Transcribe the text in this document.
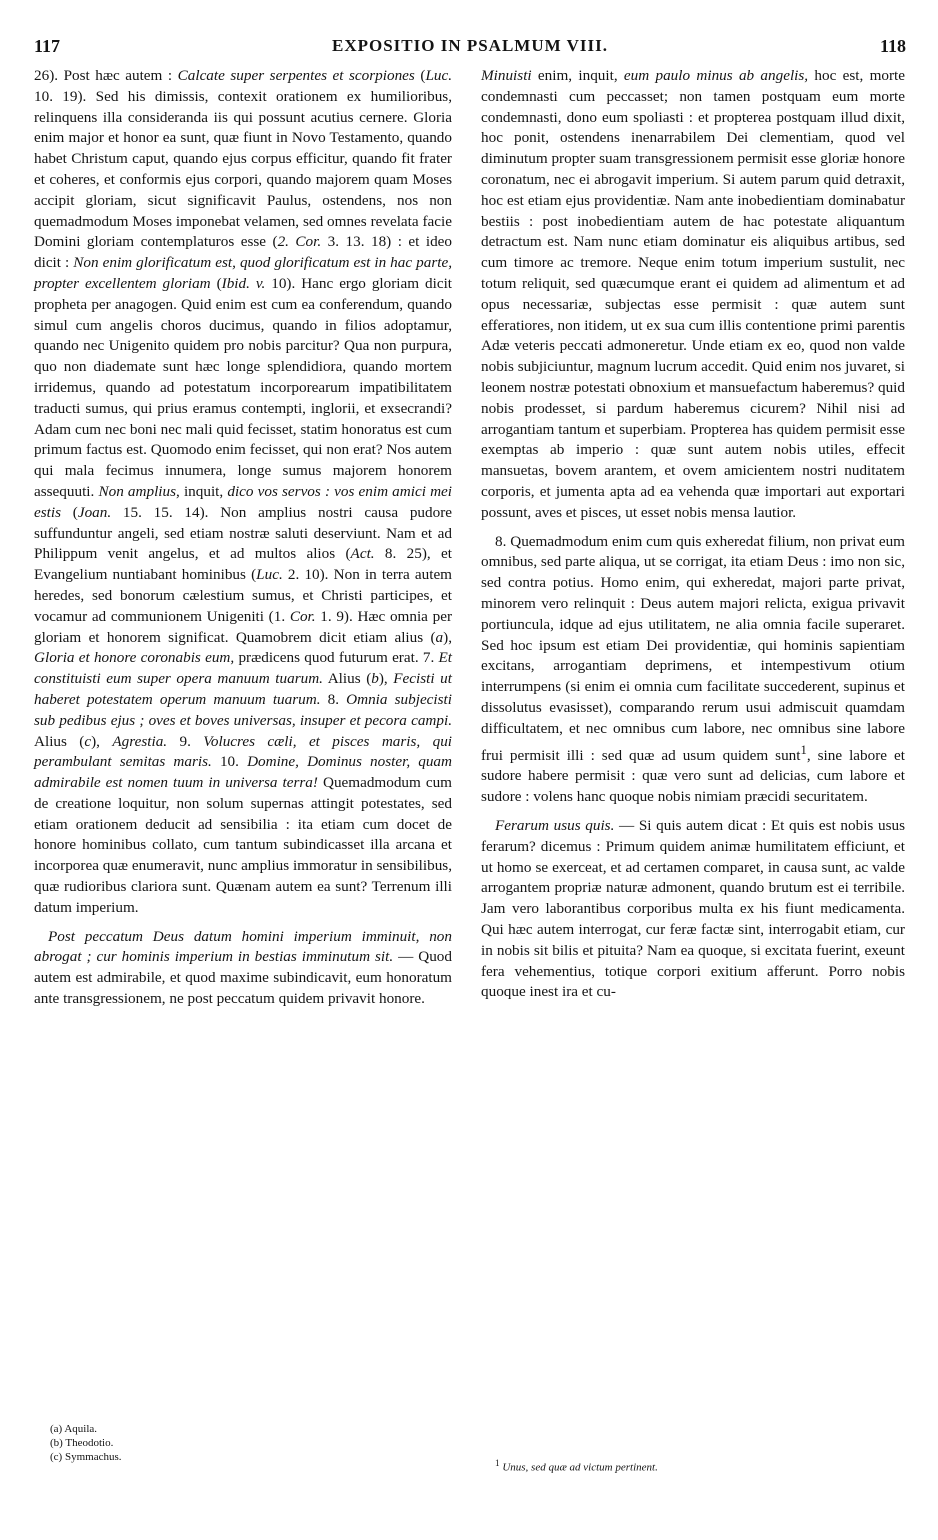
117	EXPOSITIO IN PSALMUM VIII.	118

26). Post hæc autem : Calcate super serpentes et scorpiones (Luc. 10. 19). Sed his dimissis, contexit orationem ex humilioribus, relinquens illa consideranda iis qui possunt acutius cernere. Gloria enim major et honor ea sunt, quæ fiunt in Novo Testamento, quando habet Christum caput, quando ejus corpus efficitur, quando fit frater et coheres, et conformis ejus corpori, quando majorem quam Moses accipit gloriam, sicut significavit Paulus, ostendens, nos non quemadmodum Moses imponebat velamen, sed omnes revelata facie Domini gloriam contemplaturos esse (2. Cor. 3. 13. 18) : et ideo dicit : Non enim glorificatum est, quod glorificatum est in hac parte, propter excellentem gloriam (Ibid. v. 10). Hanc ergo gloriam dicit propheta per anagogen. Quid enim est cum ea conferendum, quando simul cum angelis choros ducimus, quando in filios adoptamur, quando nec Unigenito quidem pro nobis parcitur? Qua non purpura, quo non diademate sunt hæc longe splendidiora, quando mortem irridemus, quando ad potestatum incorporearum impatibilitatem traducti sumus, qui prius eramus contempti, inglorii, et exsecrandi? Adam cum nec boni nec mali quid fecisset, statim honoratus est cum primum factus est. Quomodo enim fecisset, qui non erat? Nos autem qui mala fecimus innumera, longe sumus majorem honorem assequuti. Non amplius, inquit, dico vos servos : vos enim amici mei estis (Joan. 15. 15. 14). Non amplius nostri causa pudore suffunduntur angeli, sed etiam nostræ saluti deserviunt. Nam et ad Philippum venit angelus, et ad multos alios (Act. 8. 25), et Evangelium nuntiabant hominibus (Luc. 2. 10). Non in terra autem heredes, sed bonorum cælestium sumus, et Christi participes, et vocamur ad communionem Unigeniti (1. Cor. 1. 9). Hæc omnia per gloriam et honorem significat. Quamobrem dicit etiam alius (a), Gloria et honore coronabis eum, prædicens quod futurum erat. 7. Et constituisti eum super opera manuum tuarum. Alius (b), Fecisti ut haberet potestatem operum manuum tuarum. 8. Omnia subjecisti sub pedibus ejus ; oves et boves universas, insuper et pecora campi. Alius (c), Agrestia. 9. Volucres cæli, et pisces maris, qui perambulant semitas maris. 10. Domine, Dominus noster, quam admirabile est nomen tuum in universa terra! Quemadmodum cum de creatione loquitur, non solum supernas attingit potestates, sed etiam orationem deducit ad sensibilia : ita etiam cum docet de honore hominibus collato, cum tantum subindicasset illa arcana et incorporea quæ enumeravit, nunc amplius immoratur in sensibilibus, quæ rudioribus clariora sunt. Quænam autem ea sunt? Terrenum illi datum imperium.

Post peccatum Deus datum homini imperium imminuit, non abrogat ; cur hominis imperium in bestias imminutum sit. — Quod autem est admirabile, et quod maxime subindicavit, eum honoratum ante transgressionem, ne post peccatum quidem privavit honore.

(a) Aquila.
(b) Theodotio.
(c) Symmachus.

Minuisti enim, inquit, eum paulo minus ab angelis, hoc est, morte condemnasti cum peccasset; non tamen postquam eum morte condemnasti, dono eum spoliasti : et propterea postquam illud dixit, hoc ponit, ostendens inenarrabilem Dei clementiam, quod vel diminutum propter suam transgressionem permisit esse gloriæ honore coronatum, nec ei abrogavit imperium. Si autem parum quid detraxit, hoc est etiam ejus providentiæ. Nam ante inobedientiam dominabatur bestiis : post inobedientiam autem de hac potestate aliquantum detractum est. Nam nunc etiam dominatur eis aliquibus artibus, sed cum timore ac tremore. Neque enim totum imperium sustulit, nec totum reliquit, sed quæcumque erant ei quidem ad alimentum et ad opus necessariæ, subjectas esse permisit : quæ autem sunt efferatiores, non itidem, ut ex sua cum illis contentione primi parentis Adæ veteris peccati admoneretur. Unde etiam ex eo, quod non valde nobis subjiciuntur, magnum lucrum accedit. Quid enim nos juvaret, si leonem nostræ potestati obnoxium et mansuefactum haberemus? quid nobis prodesset, si pardum haberemus cicurem? Nihil nisi ad arrogantiam tantum et superbiam. Propterea has quidem permisit esse exemptas ab imperio : quæ sunt autem nobis utiles, effecit mansuetas, bovem arantem, et ovem amicientem nostri nuditatem corporis, et jumenta apta ad ea vehenda quæ importari aut exportari possunt, aves et pisces, ut esset nobis mensa lautior.

8. Quemadmodum enim cum quis exheredat filium, non privat eum omnibus, sed parte aliqua, ut se corrigat, ita etiam Deus : imo non sic, sed contra potius. Homo enim, qui exheredat, majori parte privat, minorem vero relinquit : Deus autem majori relicta, exigua privavit portiuncula, idque ad ejus utilitatem, ne alia omnia facile superaret. Sed hoc ipsum est etiam Dei providentiæ, qui hominis sapientiam excitans, arrogantiam deprimens, et intempestivum otium interrumpens (si enim ei omnia cum facilitate succederent, supinus et dissolutus evasisset), comparando rerum usui admiscuit quamdam difficultatem, et nec omnibus cum labore, nec omnibus sine labore frui permisit illi : sed quæ ad usum quidem sunt$^1$, sine labore et sudore habere permisit : quæ vero sunt ad delicias, cum labore et sudore : volens hanc quoque nobis nimiam præcidi securitatem.

Ferarum usus quis. — Si quis autem dicat : Et quis est nobis usus ferarum? dicemus : Primum quidem animæ humilitatem efficiunt, et ut homo se exerceat, et ad certamen comparet, in causa sunt, ac valde arrogantem propriæ naturæ admonent, quando brutum est ei terribile. Jam vero laborantibus corporibus multa ex his fiunt medicamenta. Qui hæc autem interrogat, cur feræ factæ sint, interrogabit etiam, cur in nobis sit bilis et pituita? Nam ea quoque, si excitata fuerint, exeunt fera vehementius, totique corpori exitium afferunt. Porro nobis quoque inest ira et cu-

$^1$ Unus, sed quæ ad victum pertinent.
